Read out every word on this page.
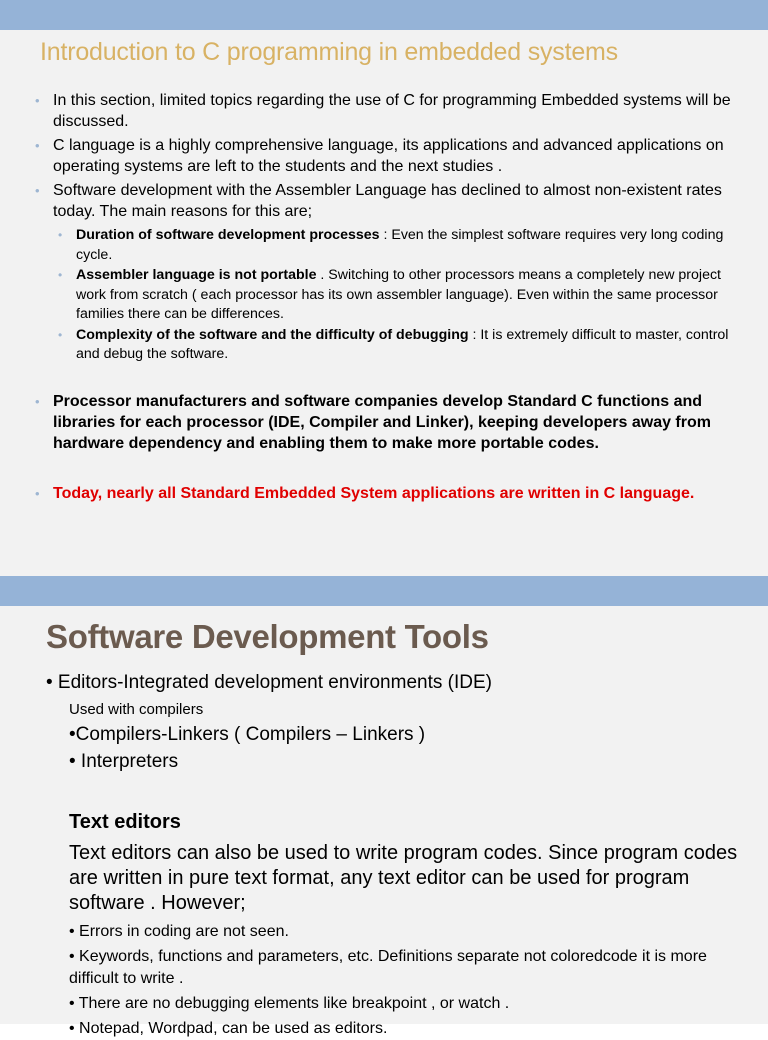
Introduction to C programming in embedded systems
• In this section, limited topics regarding the use of C for programming Embedded systems will be discussed.
• C language is a highly comprehensive language, its applications and advanced applications on operating systems are left to the students and the next studies .
• Software development with the Assembler Language has declined to almost non-existent rates today. The main reasons for this are;
• Duration of software development processes : Even the simplest software requires very long coding cycle.
• Assembler language is not portable . Switching to other processors means a completely new project work from scratch ( each processor has its own assembler language). Even within the same processor families there can be differences.
• Complexity of the software and the difficulty of debugging : It is extremely difficult to master, control and debug the software.

• Processor manufacturers and software companies develop Standard C functions and libraries for each processor (IDE, Compiler and Linker), keeping developers away from hardware dependency and enabling them to make more portable codes.

• Today, nearly all Standard Embedded System applications are written in C language.

Software Development Tools

• Editors-Integrated development environments (IDE)

Used with compilers

•Compilers-Linkers ( Compilers – Linkers )

• Interpreters

Text editors

Text editors can also be used to write program codes. Since program codes are written in pure text format, any text editor can be used for program software . However;

• Errors in coding are not seen.
• Keywords, functions and parameters, etc. Definitions separate not coloredcode it is more difficult to write .
• There are no debugging elements like breakpoint , or watch .
• Notepad, Wordpad, can be used as editors.
